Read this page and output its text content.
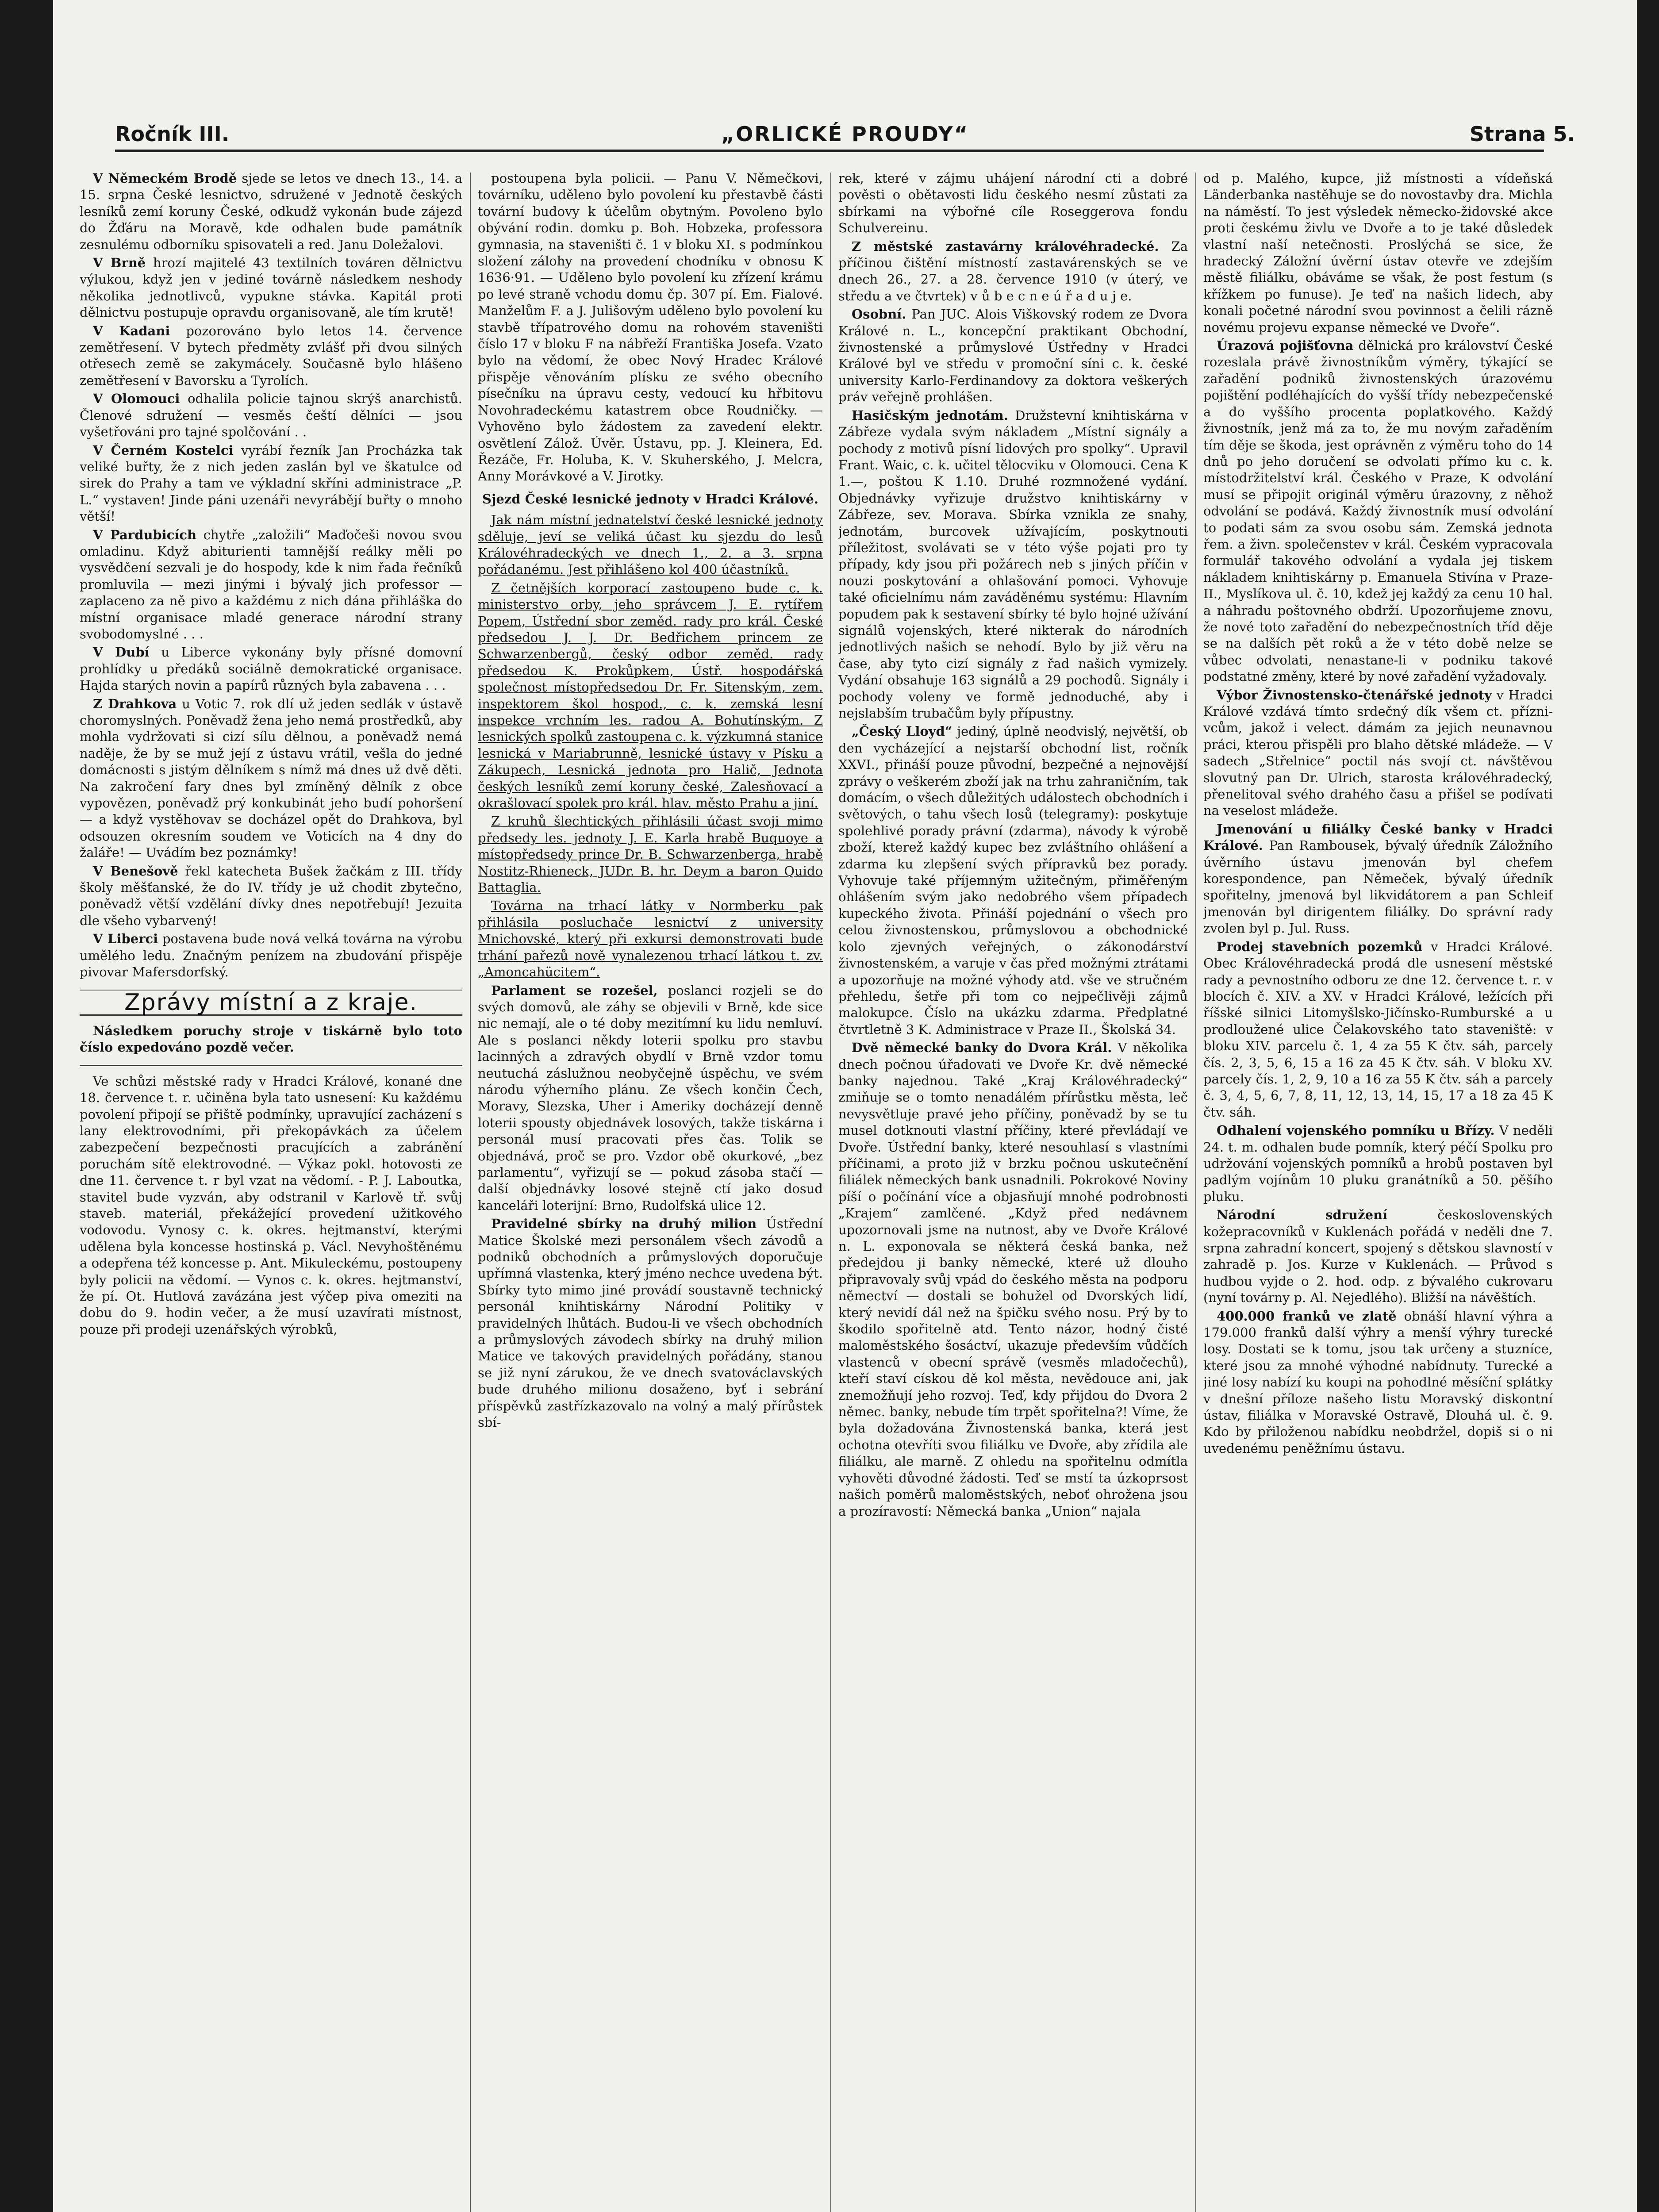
Ročník III.	„ORLICKÉ PROUDY“	Strana 5.

V Německém Brodě sjede se letos ve dnech 13., 14. a 15. srpna České lesnictvo, sdružené v Jednotě českých lesníků zemí koruny České, odkudž vykonán bude zájezd do Žďáru na Moravě, kde odhalen bude památník zesnulému odborníku spisovateli a red. Janu Doležalovi.

V Brně hrozí majitelé 43 textilních továren dělnictvu výlukou, když jen v jediné továrně následkem neshody několika jednotlivců, vypukne stávka. Kapitál proti dělnictvu postupuje opravdu organisovaně, ale tím krutě!

V Kadani pozorováno bylo letos 14. července zemětřesení. V bytech předměty zvlášť při dvou silných otřesech země se zakymácely. Současně bylo hlášeno zemětřesení v Bavorsku a Tyrolích.

V Olomouci odhalila policie tajnou skrýš anarchistů. Členové sdružení — vesměs čeští dělníci — jsou vyšetřováni pro tajné spolčování . .

V Černém Kostelci vyrábí řezník Jan Procházka tak veliké buřty, že z nich jeden zaslán byl ve škatulce od sirek do Prahy a tam ve výkladní skříni administrace „P. L.“ vystaven! Jinde páni uzenáři nevyrábějí buřty o mnoho větší!

V Pardubicích chytře „založili“ Maďočeši novou svou omladinu. Když abiturienti tamnější reálky měli po vysvědčení sezvali je do hospody, kde k nim řada řečníků promluvila — mezi jinými i bývalý jich professor — zaplaceno za ně pivo a každému z nich dána přihláška do místní organisace mladé generace národní strany svobodomyslné . . .

V Dubí u Liberce vykonány byly přísné domovní prohlídky u předáků sociálně demokratické organisace. Hajda starých novin a papírů různých byla zabavena . . .

Z Drahkova u Votic 7. rok dlí už jeden sedlák v ústavě choromyslných. Poněvadž žena jeho nemá prostředků, aby mohla vydržovati si cizí sílu dělnou, a poněvadž nemá naděje, že by se muž její z ústavu vrátil, vešla do jedné domácnosti s jistým dělníkem s nímž má dnes už dvě děti. Na zakročení fary dnes byl zmíněný dělník z obce vypovězen, poněvadž prý konkubinát jeho budí pohoršení — a když vystěhovav se docházel opět do Drahkova, byl odsouzen okresním soudem ve Voticích na 4 dny do žaláře! — Uvádím bez poznámky!

V Benešově řekl katecheta Bušek žačkám z III. třídy školy měšťanské, že do IV. třídy je už chodit zbytečno, poněvadž větší vzdělání dívky dnes nepotřebují! Jezuita dle všeho vybarvený!

V Liberci postavena bude nová velká továrna na výrobu umělého ledu. Značným penízem na zbudování přispěje pivovar Mafersdorfský.

Zprávy místní a z kraje.

Následkem poruchy stroje v tiskárně bylo toto číslo expedováno pozdě večer.

Ve schůzi městské rady v Hradci Králové, konané dne 18. července t. r. učiněna byla tato usnesení: Ku každému povolení připojí se přiště podmínky, upravující zacházení s lany elektrovodními, při překopávkách za účelem zabezpečení bezpečnosti pracujících a zabránění poruchám sítě elektrovodné. — Výkaz pokl. hotovosti ze dne 11. července t. r byl vzat na vědomí. - P. J. Laboutka, stavitel bude vyzván, aby odstranil v Karlově tř. svůj staveb. materiál, překážející provedení užitkového vodovodu. Vynosy c. k. okres. hejtmanství, kterými udělena byla koncesse hostinská p. Václ. Nevyhoštěnému a odepřena též koncesse p. Ant. Mikuleckému, postoupeny byly policii na vědomí. — Vynos c. k. okres. hejtmanství, že pí. Ot. Hutlová zavázána jest výčep piva omeziti na dobu do 9. hodin večer, a že musí uzavírati místnost, pouze při prodeji uzenářských výrobků,

postoupena byla policii. — Panu V. Němečkovi, továrníku, uděleno bylo povolení ku přestavbě části tovární budovy k účelům obytným. Povoleno bylo obývání rodin. domku p. Boh. Hobzeka, professora gymnasia, na staveništi č. 1 v bloku XI. s podmínkou složení zálohy na provedení chodníku v obnosu K 1636·91. — Uděleno bylo povolení ku zřízení krámu po levé straně vchodu domu čp. 307 pí. Em. Fialové. Manželům F. a J. Julišovým uděleno bylo povolení ku stavbě třípatrového domu na rohovém staveništi číslo 17 v bloku F na nábřeží Františka Josefa. Vzato bylo na vědomí, že obec Nový Hradec Králové přispěje věnováním plísku ze svého obecního písečníku na úpravu cesty, vedoucí ku hřbitovu Novohradeckému katastrem obce Roudničky. — Vyhověno bylo žádostem za zavedení elektr. osvětlení Zálož. Úvěr. Ústavu, pp. J. Kleinera, Ed. Řezáče, Fr. Holuba, K. V. Skuherského, J. Melcra, Anny Morávkové a V. Jirotky.

Sjezd České lesnické jednoty v Hradci Králové.

Jak nám místní jednatelství české lesnické jednoty sděluje, jeví se veliká účast ku sjezdu do lesů Královéhradeckých ve dnech 1., 2. a 3. srpna pořádanému. Jest přihlášeno kol 400 účastníků.

Z četnějších korporací zastoupeno bude c. k. ministerstvo orby, jeho správcem J. E. rytířem Popem, Ústřední sbor zeměd. rady pro král. České předsedou J. J. Dr. Bedřichem princem ze Schwarzenbergů, český odbor zeměd. rady předsedou K. Prokůpkem, Ústř. hospodářská společnost místopředsedou Dr. Fr. Sitenským, zem. inspektorem škol hospod., c. k. zemská lesní inspekce vrchním les. radou A. Bohutínským. Z lesnických spolků zastoupena c. k. výzkumná stanice lesnická v Mariabrunně, lesnické ústavy v Písku a Zákupech, Lesnická jednota pro Halič, Jednota českých lesníků zemí koruny české, Zalesňovací a okrašlovací spolek pro král. hlav. město Prahu a jiní.

Z kruhů šlechtických přihlásili účast svoji mimo předsedy les. jednoty J. E. Karla hrabě Buquoye a místopředsedy prince Dr. B. Schwarzenberga, hrabě Nostitz-Rhieneck, JUDr. B. hr. Deym a baron Quido Battaglia.

Továrna na trhací látky v Normberku pak přihlásila posluchače lesnictví z university Mnichovské, který při exkursi demonstrovati bude trhání pařezů nově vynalezenou trhací látkou t. zv. „Amoncahücitem“.

Parlament se rozešel, poslanci rozjeli se do svých domovů, ale záhy se objevili v Brně, kde sice nic nemají, ale o té doby mezitímní ku lidu nemluví. Ale s poslanci někdy loterii spolku pro stavbu lacinných a zdravých obydlí v Brně vzdor tomu neutuchá záslužnou neobyčejně úspěchu, ve svém národu výherního plánu. Ze všech končin Čech, Moravy, Slezska, Uher i Ameriky docházejí denně loterii spousty objednávek losových, takže tiskárna i personál musí pracovati přes čas. Tolik se objednává, proč se pro. Vzdor obě okurkové, „bez parlamentu“, vyřizují se — pokud zásoba stačí — další objednávky losové stejně ctí jako dosud kanceláři loterijní: Brno, Rudolfská ulice 12.

Pravidelné sbírky na druhý milion Ústřední Matice Školské mezi personálem všech závodů a podniků obchodních a průmyslových doporučuje upřímná vlastenka, který jméno nechce uvedena být. Sbírky tyto mimo jiné provádí soustavně technický personál knihtiskárny Národní Politiky v pravidelných lhůtách. Budou-li ve všech obchodních a průmyslových závodech sbírky na druhý milion Matice ve takových pravidelných pořádány, stanou se již nyní zárukou, že ve dnech svatováclavských bude druhého milionu dosaženo, byť i sebrání příspěvků zastřízkazovalo na volný a malý přírůstek sbí-

rek, které v zájmu uhájení národní cti a dobré pověsti o obětavosti lidu českého nesmí zůstati za sbírkami na výbořné cíle Roseggerova fondu Schulvereinu.

Z městské zastavárny královéhradecké. Za příčinou čištění místností zastavárenských se ve dnech 26., 27. a 28. července 1910 (v úterý, ve středu a ve čtvrtek) v ů b e c n e ú ř a d u j e.

Osobní. Pan JUC. Alois Viškovský rodem ze Dvora Králové n. L., koncepční praktikant Obchodní, živnostenské a průmyslové Ústředny v Hradci Králové byl ve středu v promoční síni c. k. české university Karlo-Ferdinandovy za doktora veškerých práv veřejně prohlášen.

Hasičským jednotám. Družstevní knihtiskárna v Zábřeze vydala svým nákladem „Místní signály a pochody z motivů písní lidových pro spolky“. Upravil Frant. Waic, c. k. učitel tělocviku v Olomouci. Cena K 1.—, poštou K 1.10. Druhé rozmnožené vydání. Objednávky vyřizuje družstvo knihtiskárny v Zábřeze, sev. Morava. Sbírka vznikla ze snahy, jednotám, burcovek užívajícím, poskytnouti příležitost, svolávati se v této výše pojati pro ty případy, kdy jsou při požárech neb s jiných příčin v nouzi poskytování a ohlašování pomoci. Vyhovuje také oficielnímu nám zaváděnému systému: Hlavním popudem pak k sestavení sbírky té bylo hojné užívání signálů vojenských, které nikterak do národních jednotlivých našich se nehodí. Bylo by již věru na čase, aby tyto cizí signály z řad našich vymizely. Vydání obsahuje 163 signálů a 29 pochodů. Signály i pochody voleny ve formě jednoduché, aby i nejslabším trubačům byly přípustny.

„Český Lloyd“ jediný, úplně neodvislý, největší, ob den vycházející a nejstarší obchodní list, ročník XXVI., přináší pouze původní, bezpečné a nejnovější zprávy o veškerém zboží jak na trhu zahraničním, tak domácím, o všech důležitých událostech obchodních i světových, o tahu všech losů (telegramy): poskytuje spolehlivé porady právní (zdarma), návody k výrobě zboží, kterež každý kupec bez zvláštního ohlášení a zdarma ku zlepšení svých přípravků bez porady. Vyhovuje také příjemným užitečným, přiměřeným ohlášením svým jako nedobrého všem případech kupeckého života. Přináší pojednání o všech pro celou živnostenskou, průmyslovou a obchodnické kolo zjevných veřejných, o zákonodárství živnostenském, a varuje v čas před možnými ztrátami a upozorňuje na možné výhody atd. vše ve stručném přehledu, šetře při tom co nejpečlivěji zájmů malokupce. Číslo na ukázku zdarma. Předplatné čtvrtletně 3 K. Administrace v Praze II., Školská 34.

Dvě německé banky do Dvora Král. V několika dnech počnou úřadovati ve Dvoře Kr. dvě německé banky najednou. Také „Kraj Královéhradecký“ zmiňuje se o tomto nenadálém přírůstku města, leč nevysvětluje pravé jeho příčiny, poněvadž by se tu musel dotknouti vlastní příčiny, které převládají ve Dvoře. Ústřední banky, které nesouhlasí s vlastními příčinami, a proto již v brzku počnou uskutečnění filiálek německých bank usnadnili. Pokrokové Noviny píší o počínání více a objasňují mnohé podrobnosti „Krajem“ zamlčené. „Když před nedávnem upozornovali jsme na nutnost, aby ve Dvoře Králové n. L. exponovala se některá česká banka, než předejdou ji banky německé, které už dlouho připravovaly svůj vpád do českého města na podporu němectví — dostali se bohužel od Dvorských lidí, který nevidí dál než na špičku svého nosu. Prý by to škodilo spořitelně atd. Tento názor, hodný čisté maloměstského šosáctví, ukazuje především vůdčích vlastenců v obecní správě (vesměs mladočechů), kteří staví cískou dě kol města, nevědouce ani, jak znemožňují jeho rozvoj. Teď, kdy přijdou do Dvora 2 němec. banky, nebude tím trpět spořitelna?! Víme, že byla dožadována Živnostenská banka, která jest ochotna otevříti svou filiálku ve Dvoře, aby zřídila ale filiálku, ale marně. Z ohledu na spořitelnu odmítla vyhověti důvodné žádosti. Teď se mstí ta úzkoprsost našich poměrů maloměstských, neboť ohrožena jsou a prozíravostí: Německá banka „Union“ najala

od p. Malého, kupce, již místnosti a vídeňská Länderbanka nastěhuje se do novostavby dra. Michla na náměstí. To jest výsledek německo-židovské akce proti českému živlu ve Dvoře a to je také důsledek vlastní naší netečnosti. Proslýchá se sice, že hradecký Záložní úvěrní ústav otevře ve zdejším městě filiálku, obáváme se však, že post festum (s křížkem po funuse). Je teď na našich lidech, aby konali početné národní svou povinnost a čelili rázně novému projevu expanse německé ve Dvoře“.

Úrazová pojišťovna dělnická pro království České rozeslala právě živnostníkům výměry, týkající se zařadění podniků živnostenských úrazovému pojištění podléhajících do vyšší třídy nebezpečenské a do vyššího procenta poplatkového. Každý živnostník, jenž má za to, že mu novým zařaděním tím děje se škoda, jest oprávněn z výměru toho do 14 dnů po jeho doručení se odvolati přímo ku c. k. místodržitelství král. Českého v Praze, K odvolání musí se připojit originál výměru úrazovny, z něhož odvolání se podává. Každý živnostník musí odvolání to podati sám za svou osobu sám. Zemská jednota řem. a živn. společenstev v král. Českém vypracovala formulář takového odvolání a vydala jej tiskem nákladem knihtiskárny p. Emanuela Stivína v Praze-II., Myslíkova ul. č. 10, kdež jej každý za cenu 10 hal. a náhradu poštovného obdrží. Upozorňujeme znovu, že nové toto zařadění do nebezpečnostních tříd děje se na dalších pět roků a že v této době nelze se vůbec odvolati, nenastane-li v podniku takové podstatné změny, které by nové zařadění vyžadovaly.

Výbor Živnostensko-čtenářské jednoty v Hradci Králové vzdává tímto srdečný dík všem ct. přízni- vcům, jakož i velect. dámám za jejich neunavnou práci, kterou přispěli pro blaho dětské mládeže. — V sadech „Střelnice“ poctil nás svojí ct. návštěvou slovutný pan Dr. Ulrich, starosta královéhradecký, přenelitoval svého drahého času a přišel se podívati na veselost mládeže.

Jmenování u filiálky České banky v Hradci Králové. Pan Rambousek, bývalý úředník Záložního úvěrního ústavu jmenován byl chefem korespondence, pan Němeček, bývalý úředník spořitelny, jmenová byl likvidátorem a pan Schleif jmenován byl dirigentem filiálky. Do správní rady zvolen byl p. Jul. Russ.

Prodej stavebních pozemků v Hradci Králové. Obec Královéhradecká prodá dle usnesení městské rady a pevnostního odboru ze dne 12. července t. r. v blocích č. XIV. a XV. v Hradci Králové, ležících při říšské silnici Litomyšlsko-Jičínsko-Rumburské a u prodloužené ulice Čelakovského tato staveniště: v bloku XIV. parcelu č. 1, 4 za 55 K čtv. sáh, parcely čís. 2, 3, 5, 6, 15 a 16 za 45 K čtv. sáh. V bloku XV. parcely čís. 1, 2, 9, 10 a 16 za 55 K čtv. sáh a parcely č. 3, 4, 5, 6, 7, 8, 11, 12, 13, 14, 15, 17 a 18 za 45 K čtv. sáh.

Odhalení vojenského pomníku u Břízy. V neděli 24. t. m. odhalen bude pomník, který péčí Spolku pro udržování vojenských pomníků a hrobů postaven byl padlým vojínům 10 pluku granátníků a 50. pěšího pluku.

Národní sdružení	československých kožepracovníků v Kuklenách pořádá v neděli dne 7. srpna zahradní koncert, spojený s dětskou slavností v zahradě p. Jos. Kurze v Kuklenách. — Průvod s hudbou vyjde o 2. hod. odp. z bývalého cukrovaru (nyní továrny p. Al. Nejedlého). Bližší na návěštích.

400.000 franků ve zlatě obnáší hlavní výhra a 179.000 franků další výhry a menší výhry turecké losy. Dostati se k tomu, jsou tak určeny a stuzníce, které jsou za mnohé výhodné nabídnuty. Turecké a jiné losy nabízí ku koupi na pohodlné měsíční splátky v dnešní příloze našeho listu Moravský diskontní ústav, filiálka v Moravské Ostravě, Dlouhá ul. č. 9. Kdo by přiloženou nabídku neobdržel, dopiš si o ni uvedenému peněžnímu ústavu.
